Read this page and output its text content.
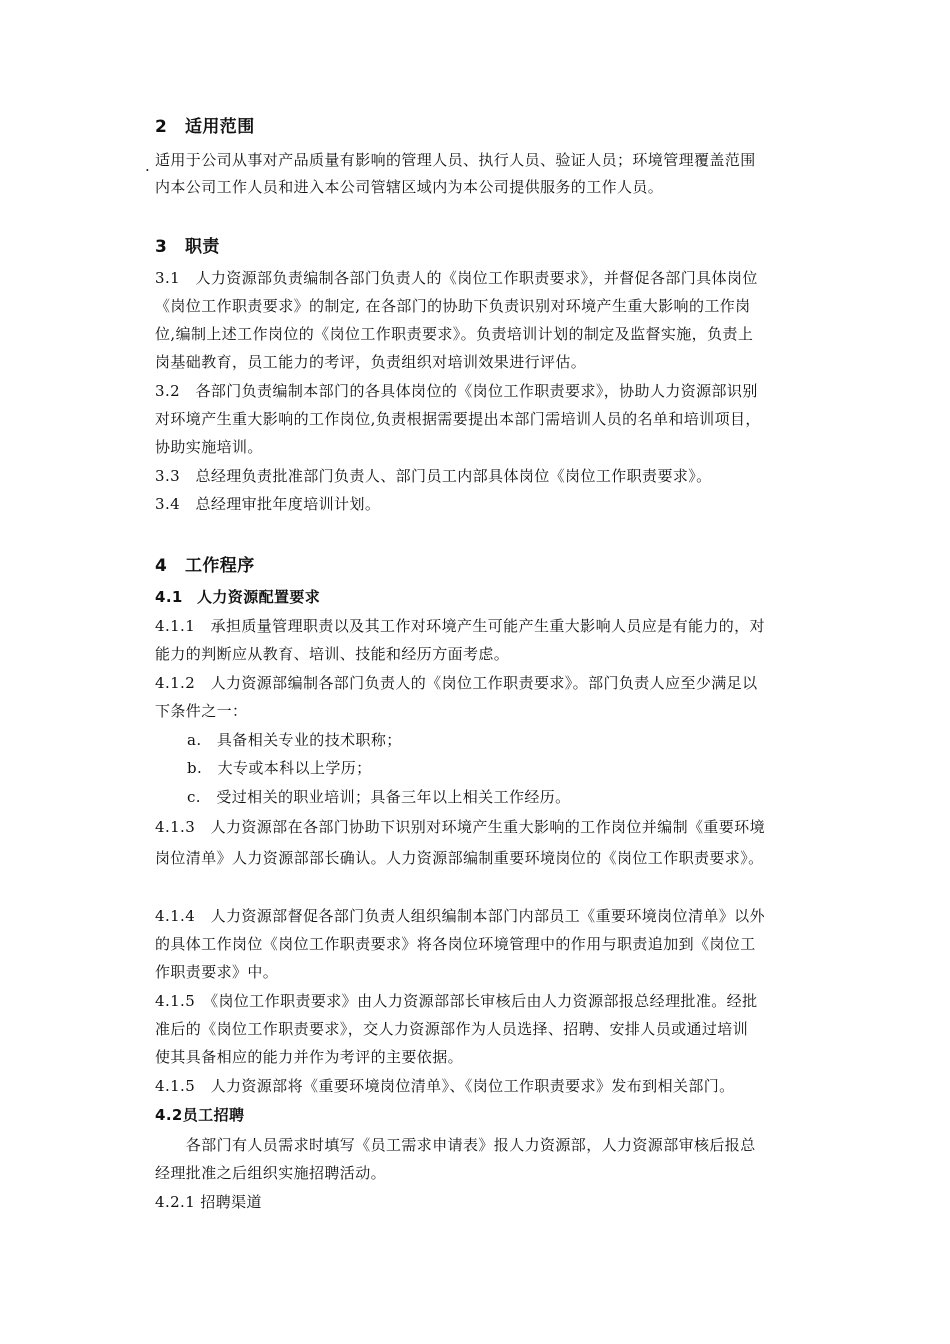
2 适用范围
. 适用于公司从事对产品质量有影响的管理人员、执行人员、验证人员；环境管理覆盖范围
内本公司工作人员和进入本公司管辖区域内为本公司提供服务的工作人员。
3 职责
3.1　人力资源部负责编制各部门负责人的《岗位工作职责要求》，并督促各部门具体岗位
《岗位工作职责要求》的制定, 在各部门的协助下负责识别对环境产生重大影响的工作岗
位,编制上述工作岗位的《岗位工作职责要求》。负责培训计划的制定及监督实施，负责上
岗基础教育，员工能力的考评，负责组织对培训效果进行评估。
3.2　各部门负责编制本部门的各具体岗位的《岗位工作职责要求》，协助人力资源部识别
对环境产生重大影响的工作岗位,负责根据需要提出本部门需培训人员的名单和培训项目，
协助实施培训。
3.3　总经理负责批准部门负责人、部门员工内部具体岗位《岗位工作职责要求》。
3.4　总经理审批年度培训计划。
4 工作程序
4.1 人力资源配置要求
4.1.1　承担质量管理职责以及其工作对环境产生可能产生重大影响人员应是有能力的，对
能力的判断应从教育、培训、技能和经历方面考虑。
4.1.2　人力资源部编制各部门负责人的《岗位工作职责要求》。部门负责人应至少满足以
下条件之一：
a.　具备相关专业的技术职称；
b.　大专或本科以上学历；
c.　受过相关的职业培训；具备三年以上相关工作经历。
4.1.3　人力资源部在各部门协助下识别对环境产生重大影响的工作岗位并编制《重要环境
岗位清单》人力资源部部长确认。人力资源部编制重要环境岗位的《岗位工作职责要求》。
4.1.4　人力资源部督促各部门负责人组织编制本部门内部员工《重要环境岗位清单》以外
的具体工作岗位《岗位工作职责要求》将各岗位环境管理中的作用与职责追加到《岗位工
作职责要求》中。
4.1.5　《岗位工作职责要求》由人力资源部部长审核后由人力资源部报总经理批准。经批
准后的《岗位工作职责要求》，交人力资源部作为人员选择、招聘、安排人员或通过培训
使其具备相应的能力并作为考评的主要依据。
4.1.5　人力资源部将《重要环境岗位清单》、《岗位工作职责要求》发布到相关部门。
4.2员工招聘
　　各部门有人员需求时填写《员工需求申请表》报人力资源部，人力资源部审核后报总
经理批准之后组织实施招聘活动。
4.2.1 招聘渠道
